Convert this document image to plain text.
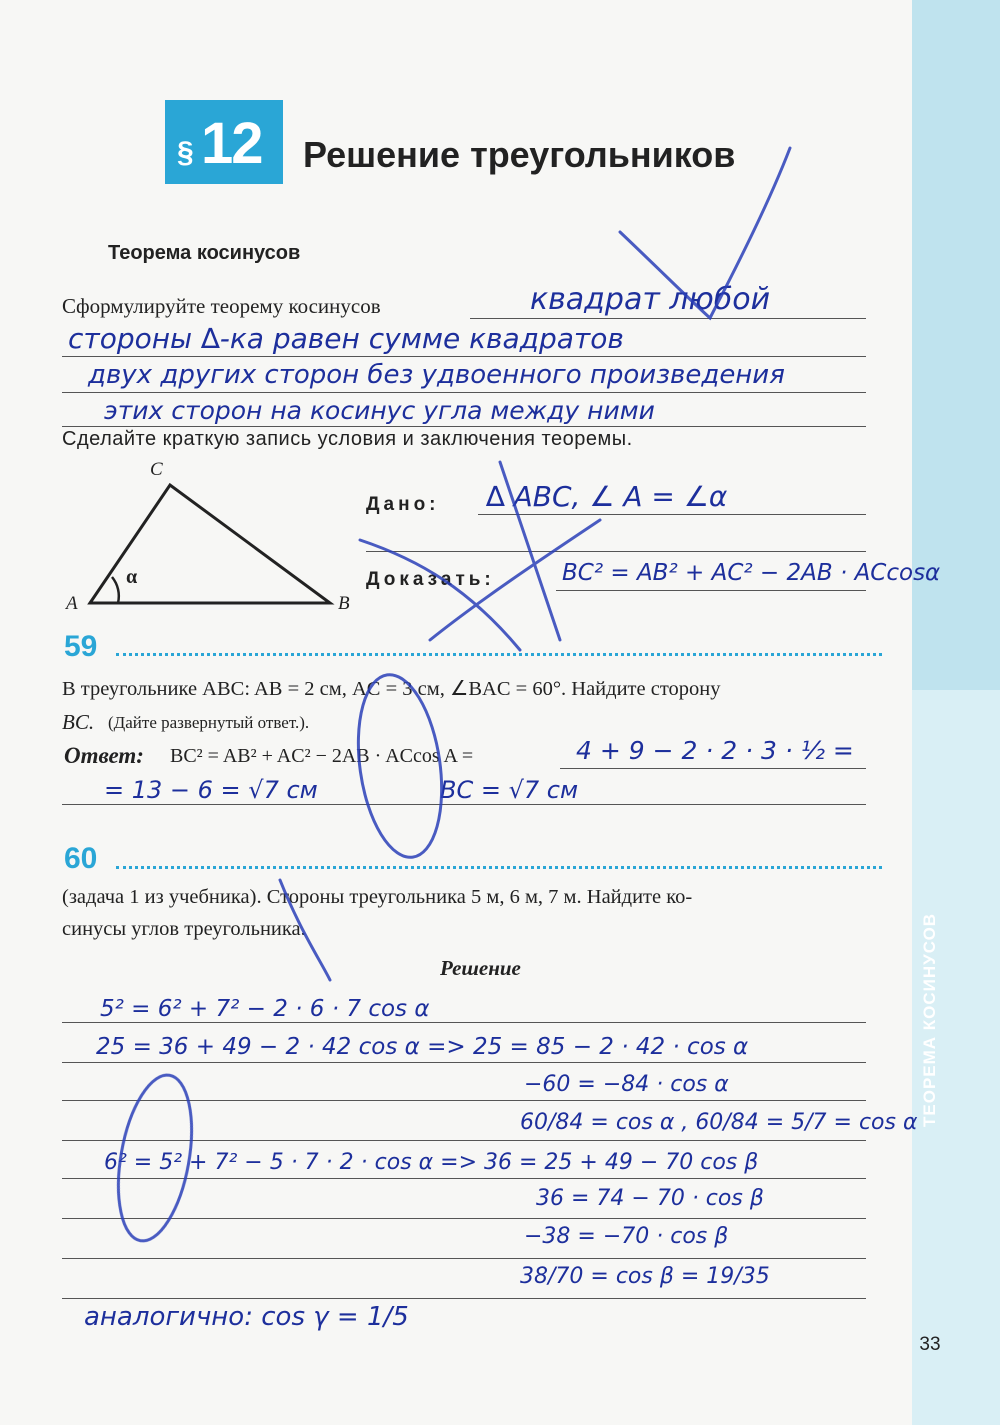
ТЕОРЕМА КОСИНУСОВ
33
§ 12 Решение треугольников
Теорема косинусов
Сформулируйте теорему косинусов	квадрат любой
стороны ∆-ка равен сумме квадратов
двух других сторон без удвоенного произведения
этих сторон на косинус угла между ними
Сделайте краткую запись условия и заключения теоремы.
C
A	B
α
Дано: ∆ ABC, ∠ A = ∠α
Доказать:	BC² = AB² + AC² − 2AB · ACcosα
59
В треугольнике ABC: AB = 2 см, AC = 3 см, ∠BAC = 60°. Найдите сторону
BC. (Дайте развернутый ответ.).
Ответ: BC² = AB² + AC² − 2AB · ACcos A =	4 + 9 − 2 · 2 · 3 · ½ =
= 13 − 6 = √7 см	BC = √7 см
60
(задача 1 из учебника). Стороны треугольника 5 м, 6 м, 7 м. Найдите ко-
синусы углов треугольника.
Решение
5² = 6² + 7² − 2 · 6 · 7 cos α
25 = 36 + 49 − 2 · 42 cos α => 25 = 85 − 2 · 42 · cos α
−60 = −84 · cos α
60/84 = cos α , 60/84 = 5/7 = cos α
6² = 5² + 7² − 5 · 7 · 2 · cos α => 36 = 25 + 49 − 70 cos β
36 = 74 − 70 · cos β
−38 = −70 · cos β
38/70 = cos β = 19/35
аналогично: cos γ = 1/5
